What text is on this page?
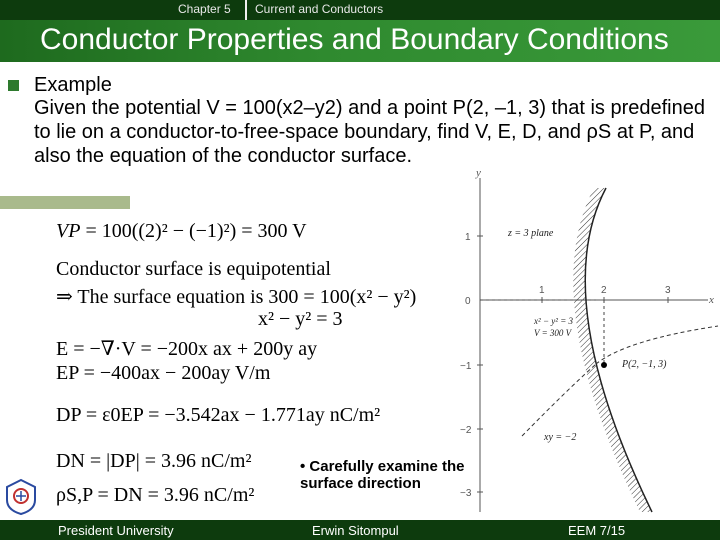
Chapter 5 Current and Conductors
Conductor Properties and Boundary Conditions
Example
Given the potential V = 100(x2–y2) and a point P(2, –1, 3) that is predefined to lie on a conductor-to-free-space boundary, find V, E, D, and ρS at P, and also the equation of the conductor surface.
VP = 100((2)² − (−1)²) = 300 V
Conductor surface is equipotential
⇒ The surface equation is 300 = 100(x² − y²)
x² − y² = 3
E = −∇·V = −200x ax + 200y ay
EP = −400ax − 200ay V/m
DP = ε0EP = −3.542ax − 1.771ay nC/m²
DN = |DP| = 3.96 nC/m²
ρS,P = DN = 3.96 nC/m²
• Carefully examine the surface direction
y
x
1
0
−1
−2
−3
1	2	3
z = 3 plane
x² − y² = 3
V = 300 V
P(2, −1, 3)
xy = −2
President University	Erwin Sitompul	EEM 7/15
